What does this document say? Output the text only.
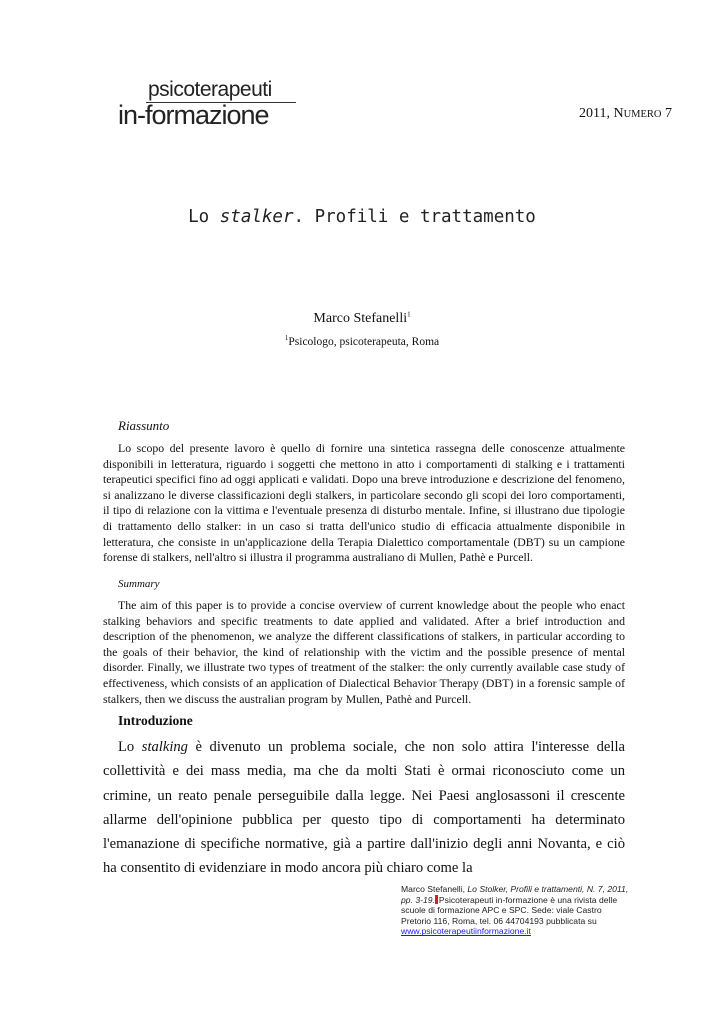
psicoterapeuti
in-formazione	2011, NUMERO 7
Lo stalker. Profili e trattamento
Marco Stefanelli$^1$
$^1$Psicologo, psicoterapeuta, Roma
Riassunto

Lo scopo del presente lavoro è quello di fornire una sintetica rassegna delle conoscenze attualmente disponibili in letteratura, riguardo i soggetti che mettono in atto i comportamenti di stalking e i trattamenti terapeutici specifici fino ad oggi applicati e validati. Dopo una breve introduzione e descrizione del fenomeno, si analizzano le diverse classificazioni degli stalkers, in particolare secondo gli scopi dei loro comportamenti, il tipo di relazione con la vittima e l'eventuale presenza di disturbo mentale. Infine, si illustrano due tipologie di trattamento dello stalker: in un caso si tratta dell'unico studio di efficacia attualmente disponibile in letteratura, che consiste in un'applicazione della Terapia Dialettico comportamentale (DBT) su un campione forense di stalkers, nell'altro si illustra il programma australiano di Mullen, Pathè e Purcell.

Summary

The aim of this paper is to provide a concise overview of current knowledge about the people who enact stalking behaviors and specific treatments to date applied and validated. After a brief introduction and description of the phenomenon, we analyze the different classifications of stalkers, in particular according to the goals of their behavior, the kind of relationship with the victim and the possible presence of mental disorder. Finally, we illustrate two types of treatment of the stalker: the only currently available case study of effectiveness, which consists of an application of Dialectical Behavior Therapy (DBT) in a forensic sample of stalkers, then we discuss the australian program by Mullen, Pathè and Purcell.

Introduzione

Lo stalking è divenuto un problema sociale, che non solo attira l'interesse della collettività e dei mass media, ma che da molti Stati è ormai riconosciuto come un crimine, un reato penale perseguibile dalla legge. Nei Paesi anglosassoni il crescente allarme dell'opinione pubblica per questo tipo di comportamenti ha determinato l'emanazione di specifiche normative, già a partire dall'inizio degli anni Novanta, e ciò ha consentito di evidenziare in modo ancora più chiaro come la

Marco Stefanelli, Lo Stolker, Profili e trattamenti, N. 7, 2011, pp. 3-19. Psicoterapeuti in-formazione è una rivista delle scuole di formazione APC e SPC. Sede: viale Castro Pretorio 116, Roma, tel. 06 44704193 pubblicata su
www.psicoterapeutiinformazione.it
